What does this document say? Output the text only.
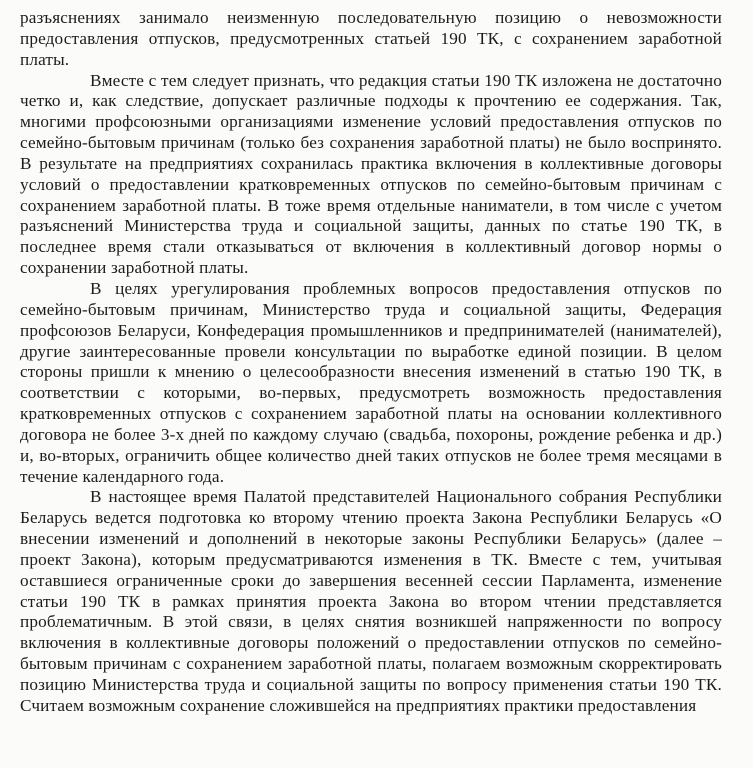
разъяснениях занимало неизменную последовательную позицию о невозможности предоставления отпусков, предусмотренных статьей 190 ТК, с сохранением заработной платы.

Вместе с тем следует признать, что редакция статьи 190 ТК изложена не достаточно четко и, как следствие, допускает различные подходы к прочтению ее содержания. Так, многими профсоюзными организациями изменение условий предоставления отпусков по семейно-бытовым причинам (только без сохранения заработной платы) не было воспринято. В результате на предприятиях сохранилась практика включения в коллективные договоры условий о предоставлении кратковременных отпусков по семейно-бытовым причинам с сохранением заработной платы. В тоже время отдельные наниматели, в том числе с учетом разъяснений Министерства труда и социальной защиты, данных по статье 190 ТК, в последнее время стали отказываться от включения в коллективный договор нормы о сохранении заработной платы.

В целях урегулирования проблемных вопросов предоставления отпусков по семейно-бытовым причинам, Министерство труда и социальной защиты, Федерация профсоюзов Беларуси, Конфедерация промышленников и предпринимателей (нанимателей), другие заинтересованные провели консультации по выработке единой позиции. В целом стороны пришли к мнению о целесообразности внесения изменений в статью 190 ТК, в соответствии с которыми, во-первых, предусмотреть возможность предоставления кратковременных отпусков с сохранением заработной платы на основании коллективного договора не более 3-х дней по каждому случаю (свадьба, похороны, рождение ребенка и др.) и, во-вторых, ограничить общее количество дней таких отпусков не более тремя месяцами в течение календарного года.

В настоящее время Палатой представителей Национального собрания Республики Беларусь ведется подготовка ко второму чтению проекта Закона Республики Беларусь «О внесении изменений и дополнений в некоторые законы Республики Беларусь» (далее – проект Закона), которым предусматриваются изменения в ТК. Вместе с тем, учитывая оставшиеся ограниченные сроки до завершения весенней сессии Парламента, изменение статьи 190 ТК в рамках принятия проекта Закона во втором чтении представляется проблематичным. В этой связи, в целях снятия возникшей напряженности по вопросу включения в коллективные договоры положений о предоставлении отпусков по семейно-бытовым причинам с сохранением заработной платы, полагаем возможным скорректировать позицию Министерства труда и социальной защиты по вопросу применения статьи 190 ТК. Считаем возможным сохранение сложившейся на предприятиях практики предоставления
